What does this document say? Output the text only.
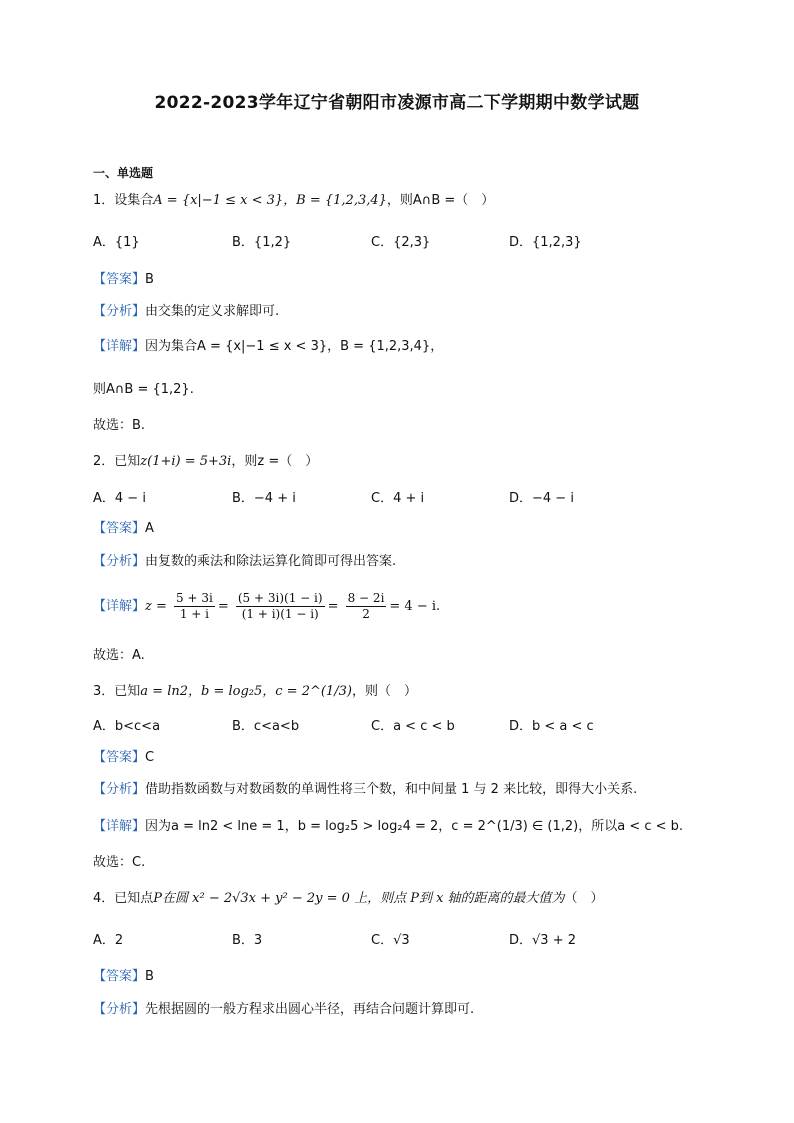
2022-2023学年辽宁省朝阳市凌源市高二下学期期中数学试题
一、单选题
1．设集合A = {x|−1 ≤ x < 3}，B = {1,2,3,4}，则A∩B =（　）
A．{1}	B．{1,2}	C．{2,3}	D．{1,2,3}
【答案】B
【分析】由交集的定义求解即可.
【详解】因为集合A = {x|−1 ≤ x < 3}，B = {1,2,3,4}，
则A∩B = {1,2}.
故选：B.
2．已知z(1+i) = 5+3i，则z =（　）
A．4 − i	B．−4 + i	C．4 + i	D．−4 − i
【答案】A
【分析】由复数的乘法和除法运算化简即可得出答案.
【详解】$z = \frac{5 + 3i}{1 + i} = \frac{(5 + 3i)(1 - i)}{(1 + i)(1 - i)} = \frac{8 - 2i}{2} = 4 - i$.
故选：A.
3．已知a = ln2，b = log₂5，c = 2^(1/3)，则（　）
A．b<c<a	B．c<a<b	C．a < c < b	D．b < a < c
【答案】C
【分析】借助指数函数与对数函数的单调性将三个数，和中间量 1 与 2 来比较，即得大小关系.
【详解】因为a = ln2 < lne = 1，b = log₂5 > log₂4 = 2，c = 2^(1/3) ∈ (1,2)，所以a < c < b.
故选：C.
4．已知点P在圆 x² − 2√3x + y² − 2y = 0 上，则点 P到 x 轴的距离的最大值为（　）
A．2	B．3	C．√3	D．√3 + 2
【答案】B
【分析】先根据圆的一般方程求出圆心半径，再结合问题计算即可.
